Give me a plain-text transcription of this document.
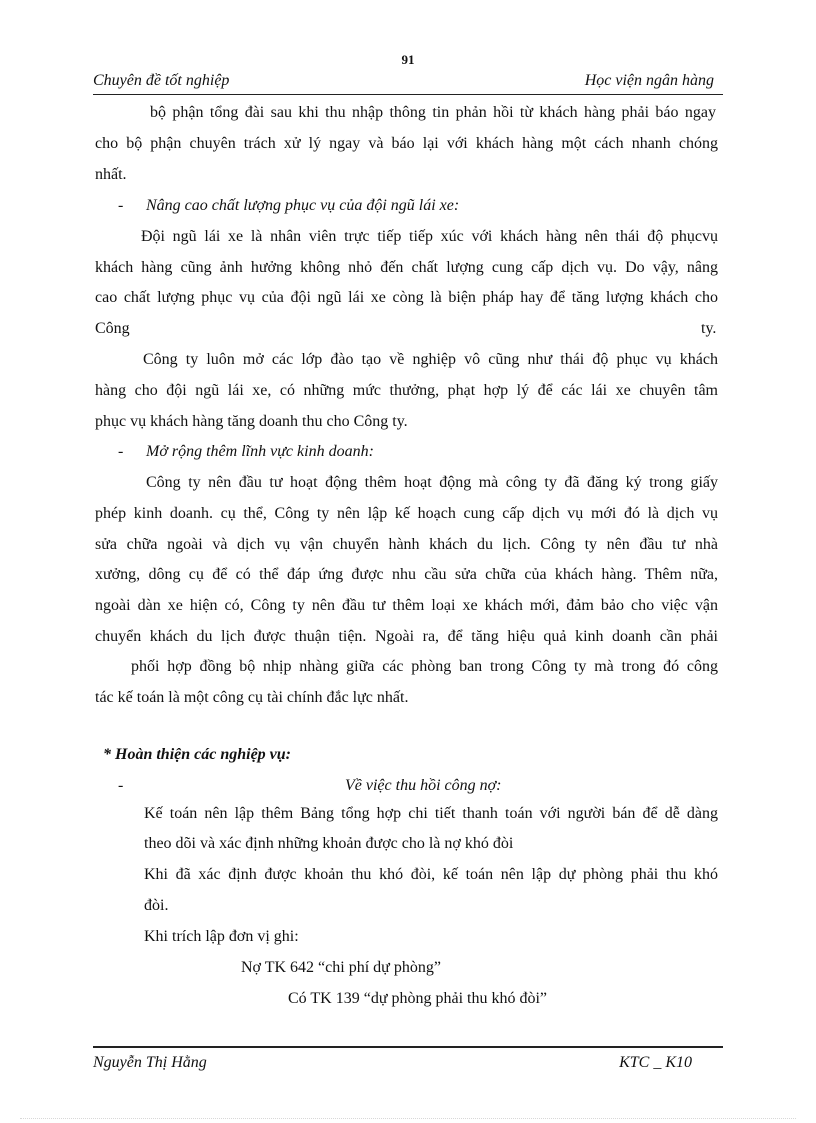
91
Chuyên đề tốt nghiệp	Học viện ngân hàng
bộ phận tổng đài sau khi thu nhập thông tin phản hồi từ khách hàng phải báo ngay
cho bộ phận chuyên trách xử lý ngay và báo lại với khách hàng một cách nhanh chóng
nhất.
- Nâng cao chất lượng phục vụ của đội ngũ lái xe:
Đội ngũ lái xe là nhân viên trực tiếp tiếp xúc với khách hàng nên thái độ phụcvụ
khách hàng cũng ảnh hưởng không nhỏ đến chất lượng cung cấp dịch vụ. Do vậy, nâng
cao chất lượng phục vụ của đội ngũ lái xe còng là biện pháp hay để tăng lượng khách cho
Công	ty.
Công ty luôn mở các lớp đào tạo về nghiệp vô cũng như thái độ phục vụ khách
hàng cho đội ngũ lái xe, có những mức thưởng, phạt hợp lý để các lái xe chuyên tâm
phục vụ khách hàng tăng doanh thu cho Công ty.
- Mở rộng thêm lĩnh vực kinh doanh:
Công ty nên đầu tư hoạt động thêm hoạt động mà công ty đã đăng ký trong giấy
phép kinh doanh. cụ thể, Công ty nên lập kế hoạch cung cấp dịch vụ mới đó là dịch vụ
sửa chữa ngoài và dịch vụ vận chuyển hành khách du lịch. Công ty nên đầu tư nhà
xưởng, dông cụ để có thể đáp ứng được nhu cầu sửa chữa của khách hàng. Thêm nữa,
ngoài dàn xe hiện có, Công ty nên đầu tư thêm loại xe khách mới, đảm bảo cho việc vận
chuyển khách du lịch được thuận tiện. Ngoài ra, để tăng hiệu quả kinh doanh cần phải
phối hợp đồng bộ nhịp nhàng giữa các phòng ban trong Công ty mà trong đó công
tác kế toán là một công cụ tài chính đắc lực nhất.
* Hoàn thiện các nghiệp vụ:
-	Về việc thu hồi công nợ:
Kế toán nên lập thêm Bảng tổng hợp chi tiết thanh toán với người bán để dễ dàng
theo dõi và xác định những khoản được cho là nợ khó đòi
Khi đã xác định được khoản thu khó đòi, kế toán nên lập dự phòng phải thu khó
đòi.
Khi trích lập đơn vị ghi:
Nợ TK 642 “chi phí dự phòng”
Có TK 139 “dự phòng phải thu khó đòi”
Nguyễn Thị Hằng	KTC _ K10
